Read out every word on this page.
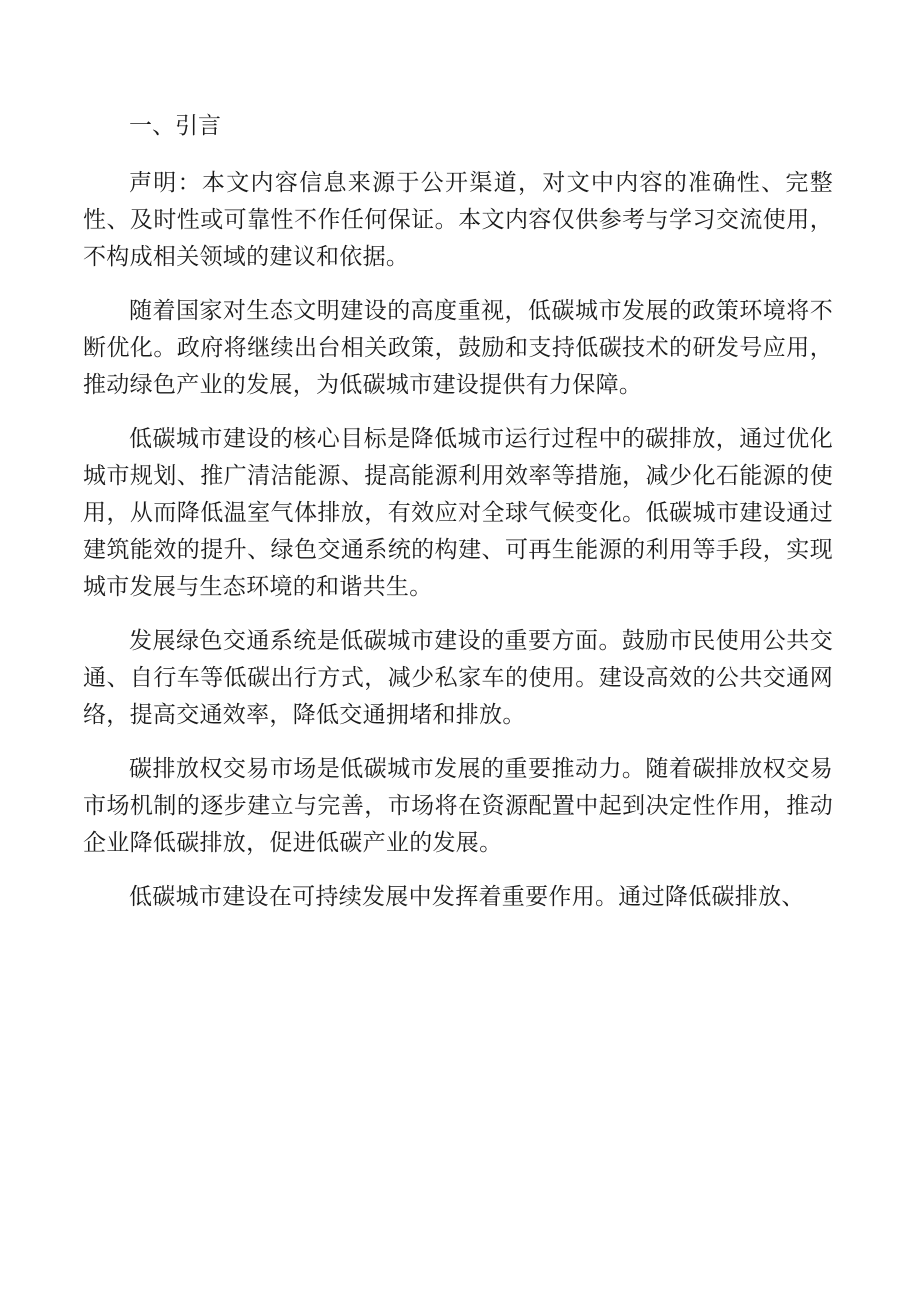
一、引言

声明：本文内容信息来源于公开渠道，对文中内容的准确性、完整性、及时性或可靠性不作任何保证。本文内容仅供参考与学习交流使用，不构成相关领域的建议和依据。

随着国家对生态文明建设的高度重视，低碳城市发展的政策环境将不断优化。政府将继续出台相关政策，鼓励和支持低碳技术的研发号应用，推动绿色产业的发展，为低碳城市建设提供有力保障。

低碳城市建设的核心目标是降低城市运行过程中的碳排放，通过优化城市规划、推广清洁能源、提高能源利用效率等措施，减少化石能源的使用，从而降低温室气体排放，有效应对全球气候变化。低碳城市建设通过建筑能效的提升、绿色交通系统的构建、可再生能源的利用等手段，实现城市发展与生态环境的和谐共生。

发展绿色交通系统是低碳城市建设的重要方面。鼓励市民使用公共交通、自行车等低碳出行方式，减少私家车的使用。建设高效的公共交通网络，提高交通效率，降低交通拥堵和排放。

碳排放权交易市场是低碳城市发展的重要推动力。随着碳排放权交易市场机制的逐步建立与完善，市场将在资源配置中起到决定性作用，推动企业降低碳排放，促进低碳产业的发展。

低碳城市建设在可持续发展中发挥着重要作用。通过降低碳排放、
